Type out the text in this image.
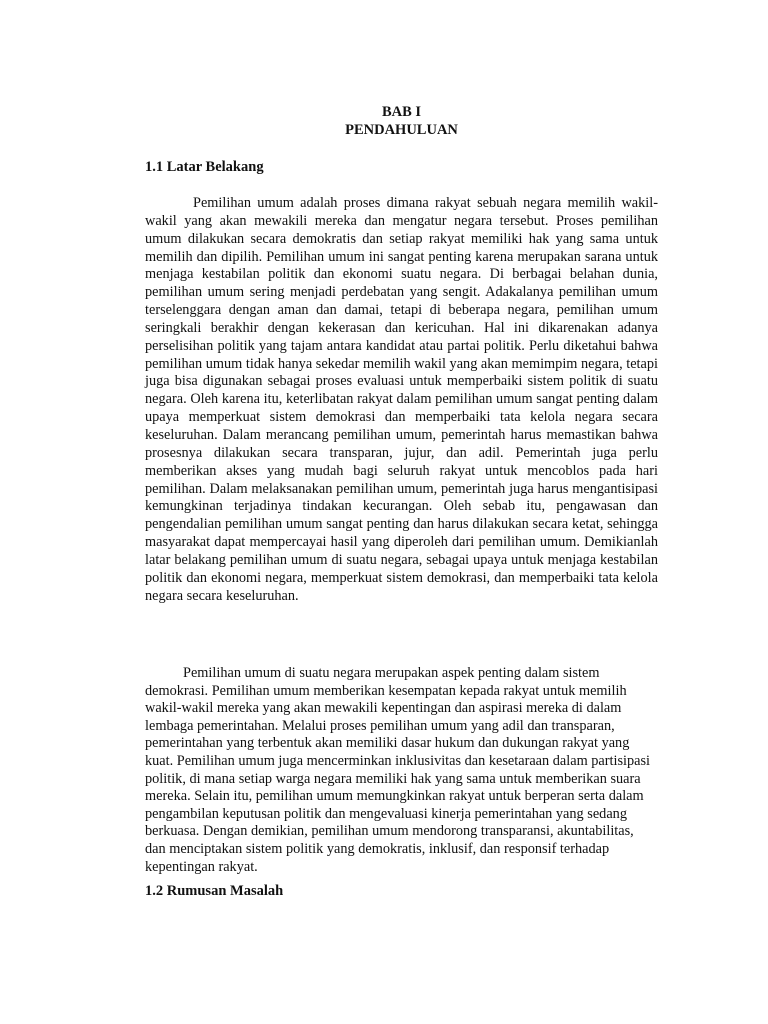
BAB I
PENDAHULUAN
1.1 Latar Belakang

Pemilihan umum adalah proses dimana rakyat sebuah negara memilih wakil-wakil yang akan mewakili mereka dan mengatur negara tersebut. Proses pemilihan umum dilakukan secara demokratis dan setiap rakyat memiliki hak yang sama untuk memilih dan dipilih. Pemilihan umum ini sangat penting karena merupakan sarana untuk menjaga kestabilan politik dan ekonomi suatu negara. Di berbagai belahan dunia, pemilihan umum sering menjadi perdebatan yang sengit. Adakalanya pemilihan umum terselenggara dengan aman dan damai, tetapi di beberapa negara, pemilihan umum seringkali berakhir dengan kekerasan dan kericuhan. Hal ini dikarenakan adanya perselisihan politik yang tajam antara kandidat atau partai politik. Perlu diketahui bahwa pemilihan umum tidak hanya sekedar memilih wakil yang akan memimpim negara, tetapi juga bisa digunakan sebagai proses evaluasi untuk memperbaiki sistem politik di suatu negara. Oleh karena itu, keterlibatan rakyat dalam pemilihan umum sangat penting dalam upaya memperkuat sistem demokrasi dan memperbaiki tata kelola negara secara keseluruhan. Dalam merancang pemilihan umum, pemerintah harus memastikan bahwa prosesnya dilakukan secara transparan, jujur, dan adil. Pemerintah juga perlu memberikan akses yang mudah bagi seluruh rakyat untuk mencoblos pada hari pemilihan. Dalam melaksanakan pemilihan umum, pemerintah juga harus mengantisipasi kemungkinan terjadinya tindakan kecurangan. Oleh sebab itu, pengawasan dan pengendalian pemilihan umum sangat penting dan harus dilakukan secara ketat, sehingga masyarakat dapat mempercayai hasil yang diperoleh dari pemilihan umum. Demikianlah latar belakang pemilihan umum di suatu negara, sebagai upaya untuk menjaga kestabilan politik dan ekonomi negara, memperkuat sistem demokrasi, dan memperbaiki tata kelola negara secara keseluruhan.

Pemilihan umum di suatu negara merupakan aspek penting dalam sistem demokrasi. Pemilihan umum memberikan kesempatan kepada rakyat untuk memilih wakil-wakil mereka yang akan mewakili kepentingan dan aspirasi mereka di dalam lembaga pemerintahan. Melalui proses pemilihan umum yang adil dan transparan, pemerintahan yang terbentuk akan memiliki dasar hukum dan dukungan rakyat yang kuat. Pemilihan umum juga mencerminkan inklusivitas dan kesetaraan dalam partisipasi politik, di mana setiap warga negara memiliki hak yang sama untuk memberikan suara mereka. Selain itu, pemilihan umum memungkinkan rakyat untuk berperan serta dalam pengambilan keputusan politik dan mengevaluasi kinerja pemerintahan yang sedang berkuasa. Dengan demikian, pemilihan umum mendorong transparansi, akuntabilitas, dan menciptakan sistem politik yang demokratis, inklusif, dan responsif terhadap kepentingan rakyat.

1.2 Rumusan Masalah
